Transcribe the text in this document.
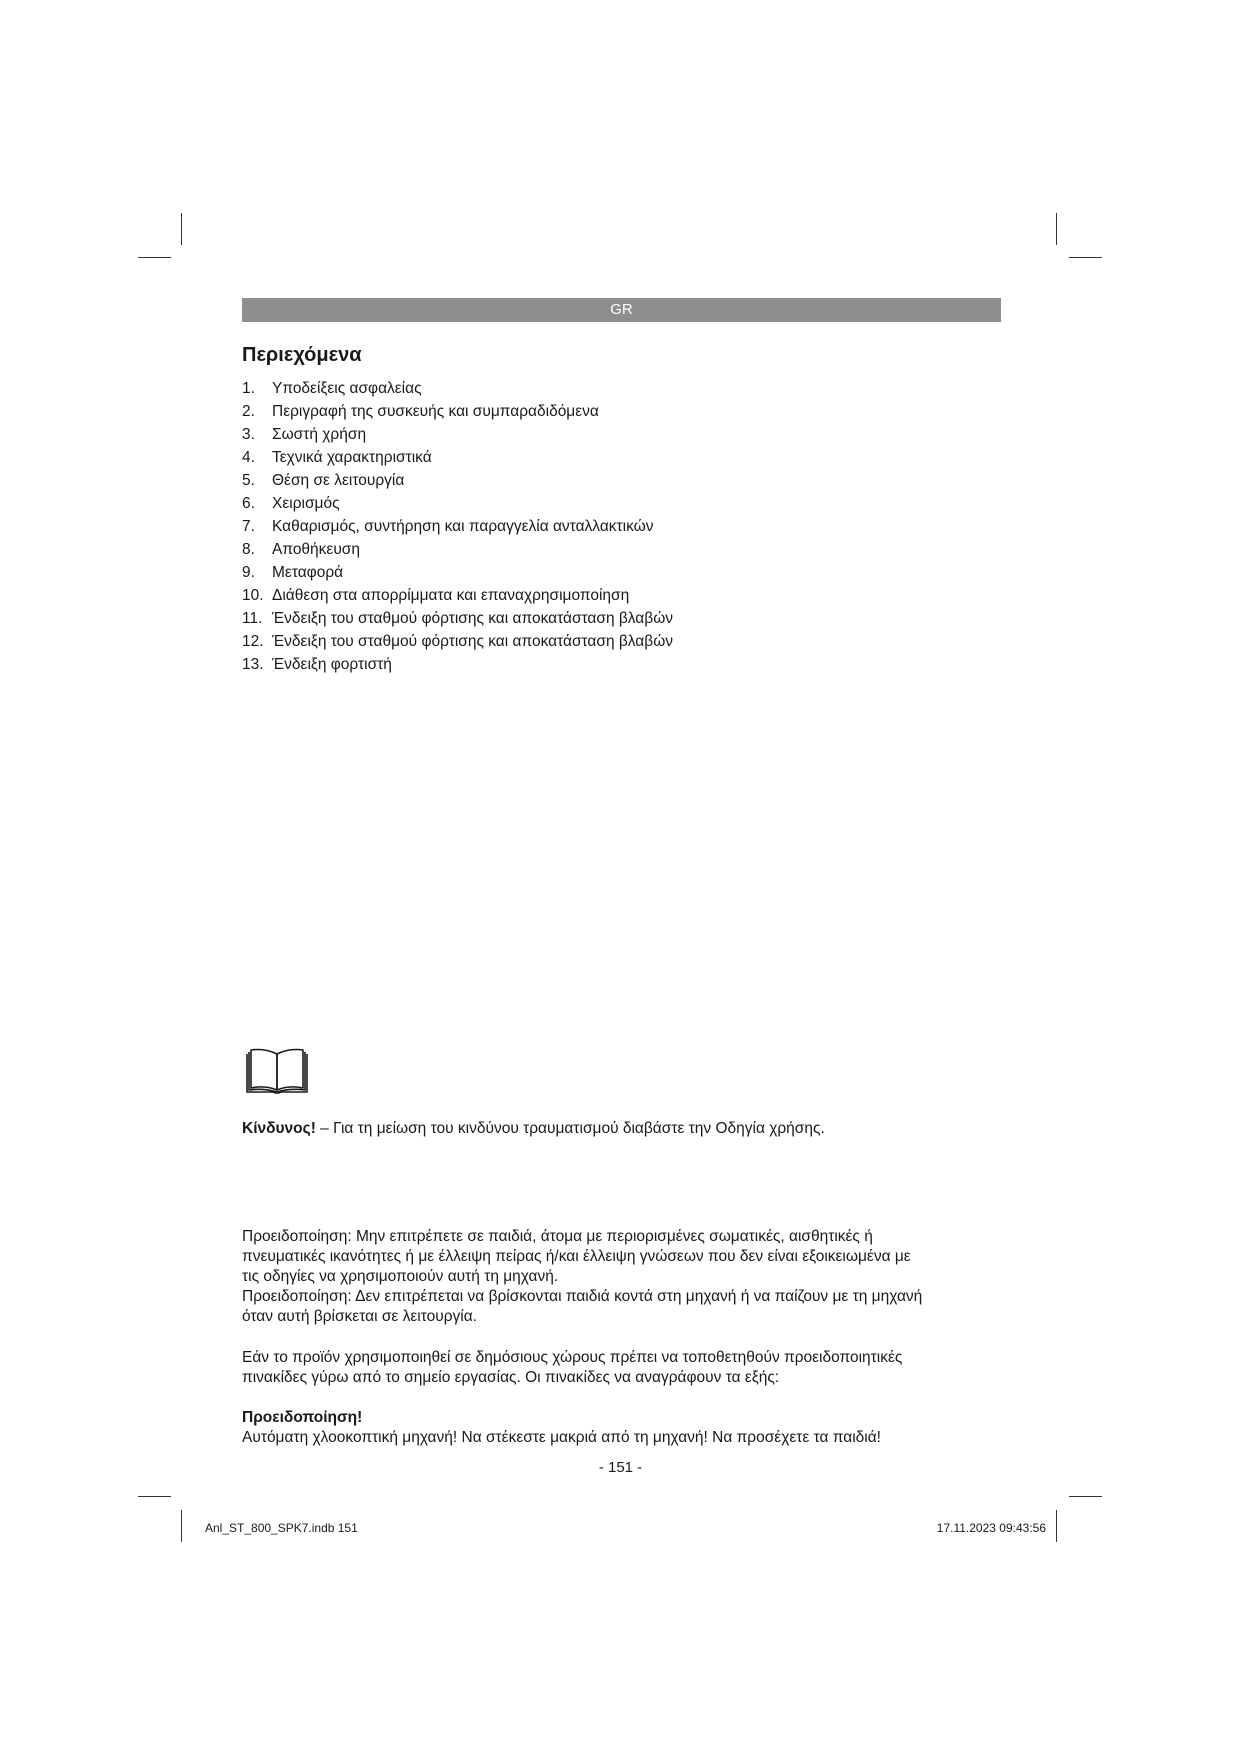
GR
Περιεχόμενα
1.	Υποδείξεις ασφαλείας
2.	Περιγραφή της συσκευής και συμπαραδιδόμενα
3.	Σωστή χρήση
4.	Τεχνικά χαρακτηριστικά
5.	Θέση σε λειτουργία
6.	Χειρισμός
7.	Καθαρισμός, συντήρηση και παραγγελία ανταλλακτικών
8.	Αποθήκευση
9.	Μεταφορά
10. Διάθεση στα απορρίμματα και επαναχρησιμοποίηση
11. Ένδειξη του σταθμού φόρτισης και αποκατάσταση βλαβών
12. Ένδειξη του σταθμού φόρτισης και αποκατάσταση βλαβών
13. Ένδειξη φορτιστή

Κίνδυνος! – Για τη μείωση του κινδύνου τραυματισμού διαβάστε την Οδηγία χρήσης.

Προειδοποίηση: Μην επιτρέπετε σε παιδιά, άτομα με περιορισμένες σωματικές, αισθητικές ή
πνευματικές ικανότητες ή με έλλειψη πείρας ή/και έλλειψη γνώσεων που δεν είναι εξοικειωμένα με
τις οδηγίες να χρησιμοποιούν αυτή τη μηχανή.
Προειδοποίηση: Δεν επιτρέπεται να βρίσκονται παιδιά κοντά στη μηχανή ή να παίζουν με τη μηχανή
όταν αυτή βρίσκεται σε λειτουργία.

Εάν το προϊόν χρησιμοποιηθεί σε δημόσιους χώρους πρέπει να τοποθετηθούν προειδοποιητικές
πινακίδες γύρω από το σημείο εργασίας. Οι πινακίδες να αναγράφουν τα εξής:

Προειδοποίηση!
Αυτόματη χλοοκοπτική μηχανή! Να στέκεστε μακριά από τη μηχανή! Να προσέχετε τα παιδιά!

- 151 -
Anl_ST_800_SPK7.indb 151	17.11.2023 09:43:56
